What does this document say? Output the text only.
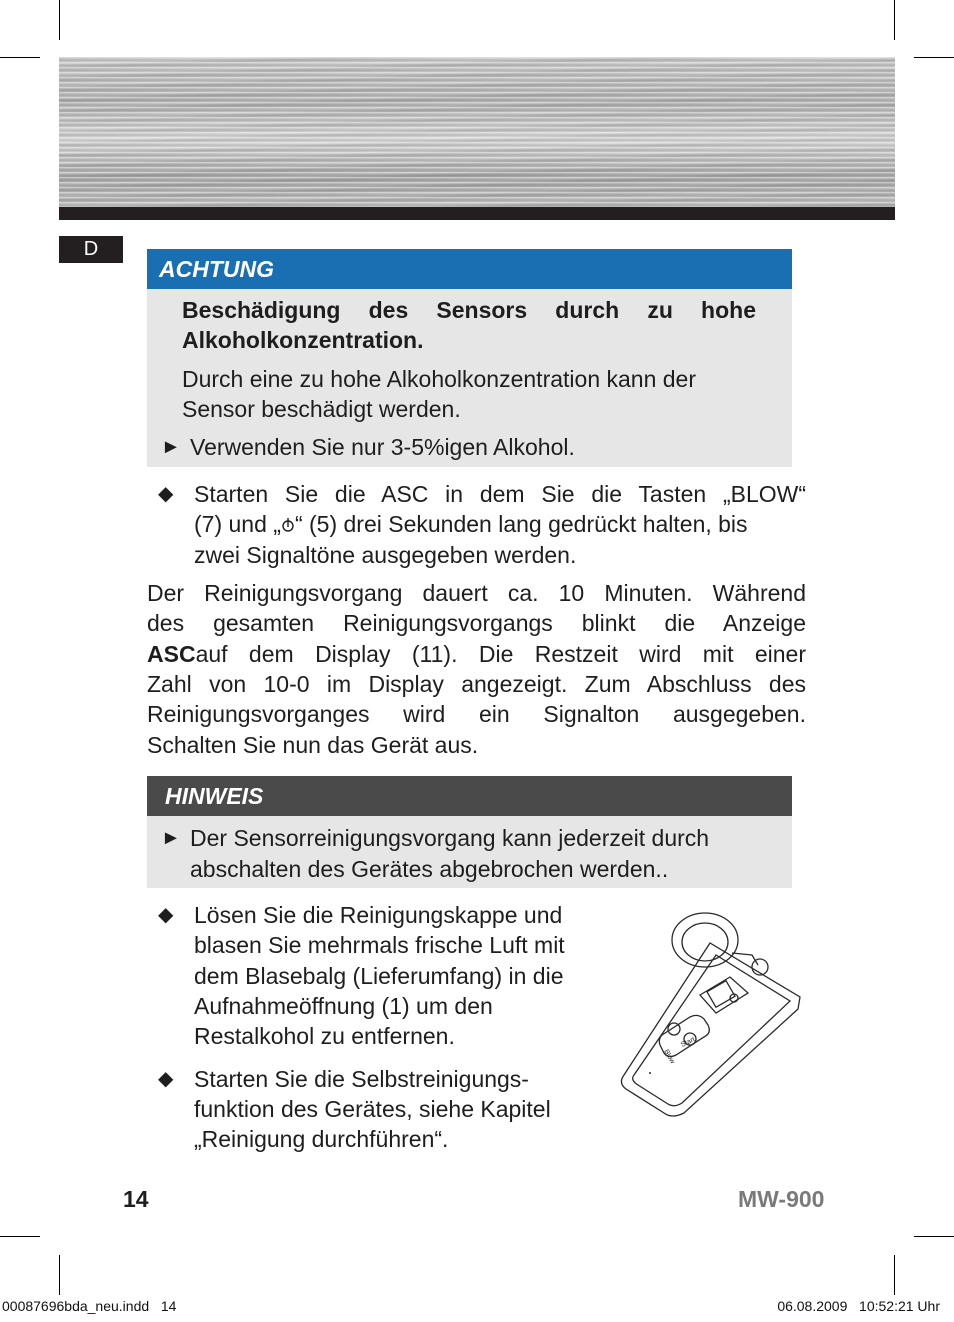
D
ACHTUNG
Beschädigung des Sensors durch zu hohe
Alkoholkonzentration.
Durch eine zu hohe Alkoholkonzentration kann der
Sensor beschädigt werden.
► Verwenden Sie nur 3-5%igen Alkohol.
◆ Starten Sie die ASC in dem Sie die Tasten „BLOW“
(7) und „ “ (5) drei Sekunden lang gedrückt halten, bis
zwei Signaltöne ausgegeben werden.
Der Reinigungsvorgang dauert ca. 10 Minuten. Während
des gesamten Reinigungsvorgangs blinkt die Anzeige
ASC auf dem Display (11). Die Restzeit wird mit einer
Zahl von 10-0 im Display angezeigt. Zum Abschluss des
Reinigungsvorganges wird ein Signalton ausgegeben.
Schalten Sie nun das Gerät aus.
HINWEIS
► Der Sensorreinigungsvorgang kann jederzeit durch
abschalten des Gerätes abgebrochen werden..
◆ Lösen Sie die Reinigungskappe und
blasen Sie mehrmals frische Luft mit
dem Blasebalg (Lieferumfang) in die
Aufnahmeöffnung (1) um den
Restalkohol zu entfernen.
◆ Starten Sie die Selbstreinigungs-
funktion des Gerätes, siehe Kapitel
„Reinigung durchführen“.
Blow
Start
14	MW-900
00087696bda_neu.indd   14	06.08.2009   10:52:21 Uhr
